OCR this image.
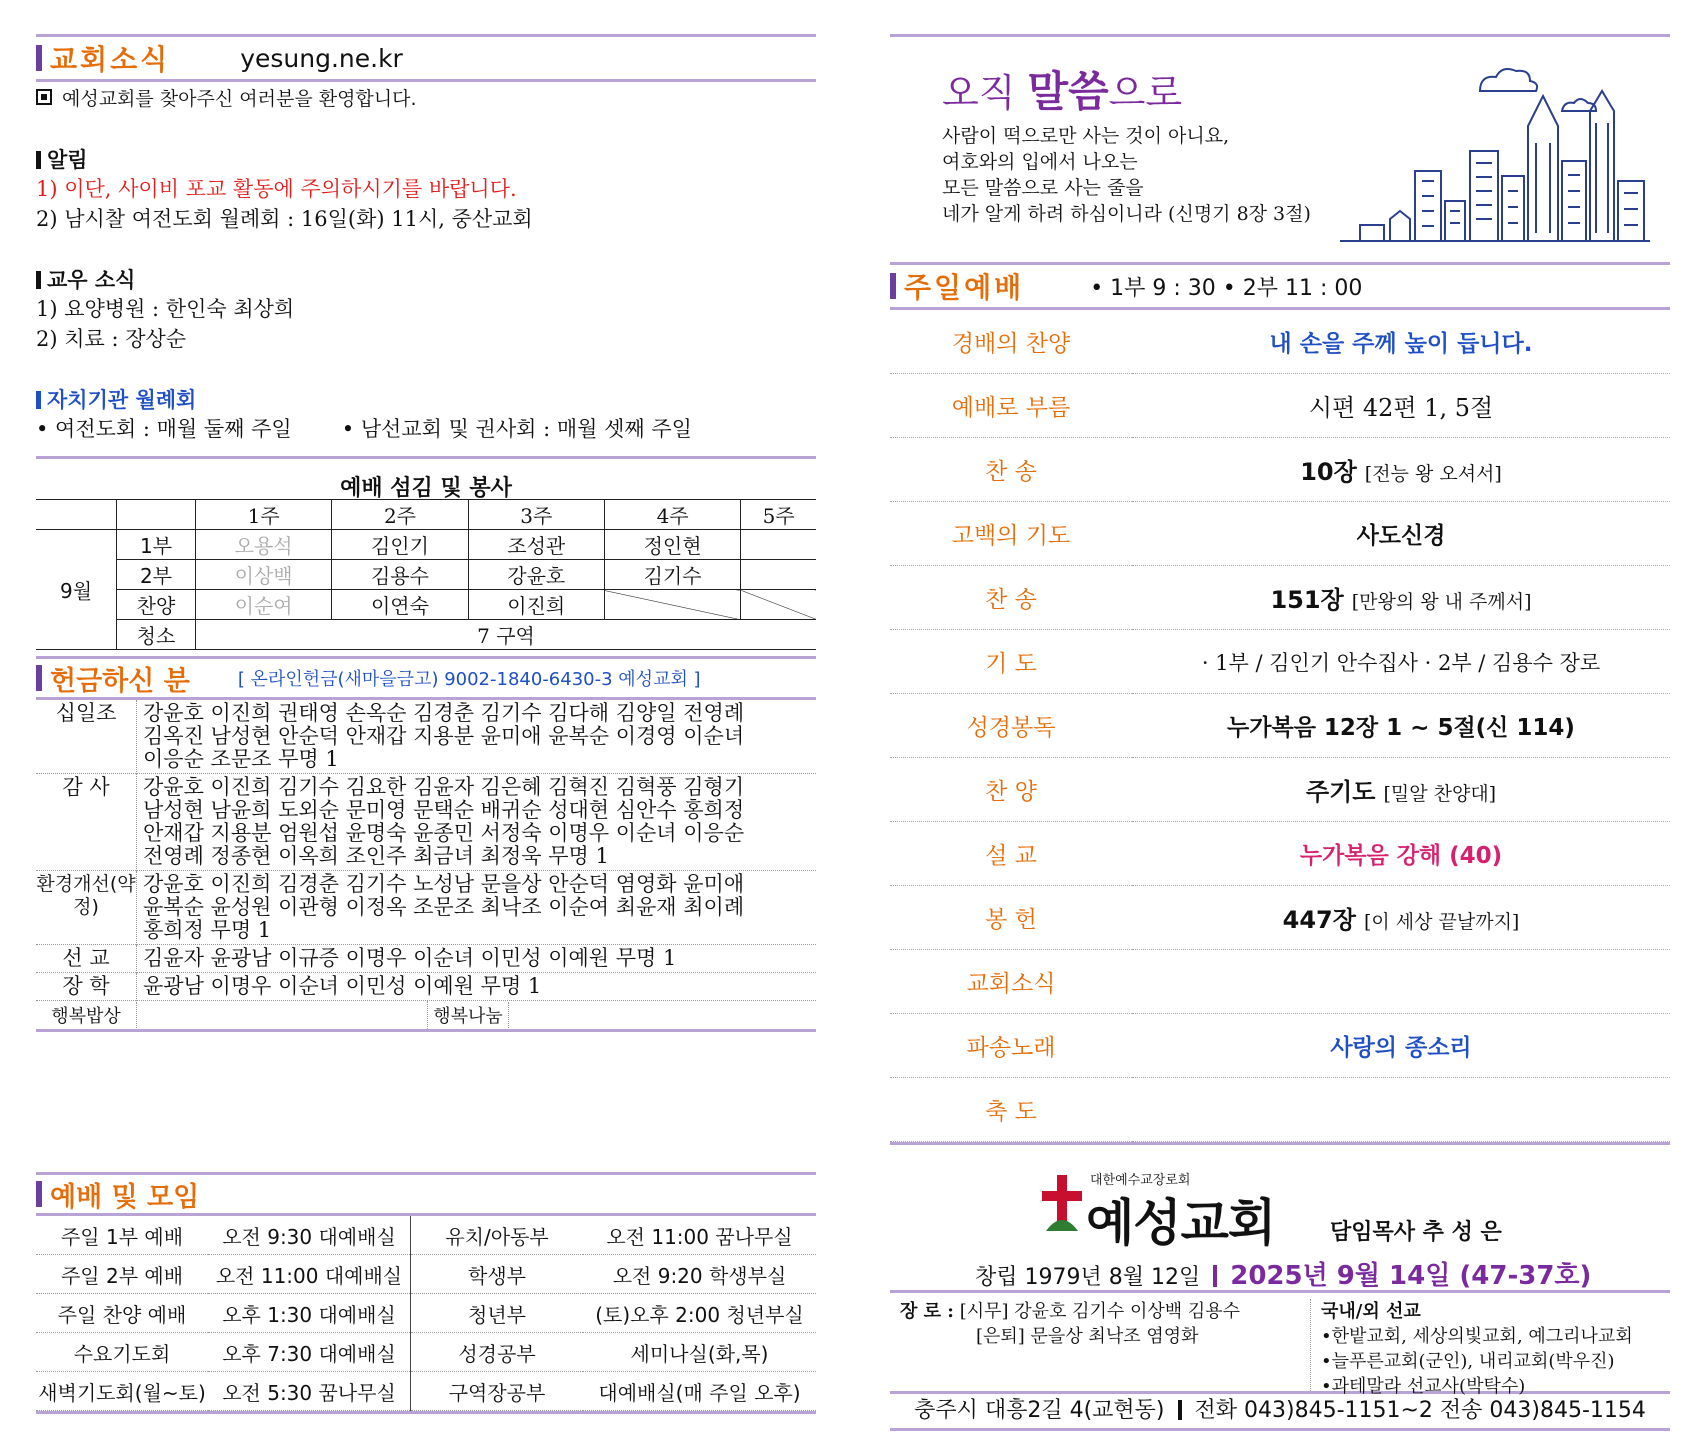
교회소식	yesung.ne.kr
예성교회를 찾아주신 여러분을 환영합니다.
알림
1) 이단, 사이비 포교 활동에 주의하시기를 바랍니다.
2) 남시찰 여전도회 월례회 : 16일(화) 11시, 중산교회
교우 소식
1) 요양병원 : 한인숙 최상희
2) 치료 : 장상순
자치기관 월례회
• 여전도회 : 매월 둘째 주일 • 남선교회 및 권사회 : 매월 셋째 주일
예배 섬김 및 봉사
		1주	2주	3주	4주	5주
9월	1부	오용석	김인기	조성관	정인현	
	2부	이상백	김용수	강윤호	김기수	
	찬양	이순여	이연숙	이진희		
	청소	7 구역				
헌금하신 분	[ 온라인헌금(새마을금고) 9002-1840-6430-3 예성교회 ]
십일조	강윤호 이진희 권태영 손옥순 김경춘 김기수 김다해 김양일 전영례
김옥진 남성현 안순덕 안재갑 지용분 윤미애 윤복순 이경영 이순녀
이응순 조문조 무명 1

감 사	강윤호 이진희 김기수 김요한 김윤자 김은혜 김혁진 김혁풍 김형기
남성현 남윤희 도외순 문미영 문택순 배귀순 성대현 심안수 홍희정
안재갑 지용분 엄원섭 윤명숙 윤종민 서정숙 이명우 이순녀 이응순
전영례 정종현 이옥희 조인주 최금녀 최정욱 무명 1

환경개선(약정)	강윤호 이진희 김경춘 김기수 노성남 문을상 안순덕 염영화 윤미애
윤복순 윤성원 이관형 이정옥 조문조 최낙조 이순여 최윤재 최이례
홍희정 무명 1

선 교	김윤자 윤광남 이규증 이명우 이순녀 이민성 이예원 무명 1

장 학	윤광남 이명우 이순녀 이민성 이예원 무명 1
행복밥상	행복나눔
예배 및 모임
주일 1부 예배	오전 9:30 대예배실	유치/아동부	오전 11:00 꿈나무실
주일 2부 예배	오전 11:00 대예배실	학생부	오전 9:20 학생부실
주일 찬양 예배	오후 1:30 대예배실	청년부	(토)오후 2:00 청년부실
수요기도회	오후 7:30 대예배실	성경공부	세미나실(화,목)
새벽기도회(월~토)	오전 5:30 꿈나무실	구역장공부	대예배실(매 주일 오후)
오직 말씀으로
사람이 떡으로만 사는 것이 아니요,
여호와의 입에서 나오는
모든 말씀으로 사는 줄을
네가 알게 하려 하심이니라 (신명기 8장 3절)
주일예배	• 1부 9 : 30 • 2부 11 : 00
경배의 찬양	내 손을 주께 높이 듭니다.
예배로 부름	시편 42편 1, 5절
찬 송	10장 [전능 왕 오셔서]
고백의 기도	사도신경
찬 송	151장 [만왕의 왕 내 주께서]
기 도	· 1부 / 김인기 안수집사 · 2부 / 김용수 장로
성경봉독	누가복음 12장 1 ~ 5절(신 114)
찬 양	주기도 [밀알 찬양대]
설 교	누가복음 강해 (40)
봉 헌	447장 [이 세상 끝날까지]
교회소식	
파송노래	사랑의 종소리
축 도	
대한예수교장로회
예성교회 담임목사 추 성 은
창립 1979년 8월 12일 2025년 9월 14일 (47-37호)
장 로 : [시무] 강윤호 김기수 이상백 김용수
[은퇴] 문을상 최낙조 염영화
국내/외 선교
•한밭교회, 세상의빛교회, 예그리나교회
•늘푸른교회(군인), 내리교회(박우진)
•과테말라 선교사(박탁수)
충주시 대흥2길 4(교현동) 전화 043)845-1151~2 전송 043)845-1154
